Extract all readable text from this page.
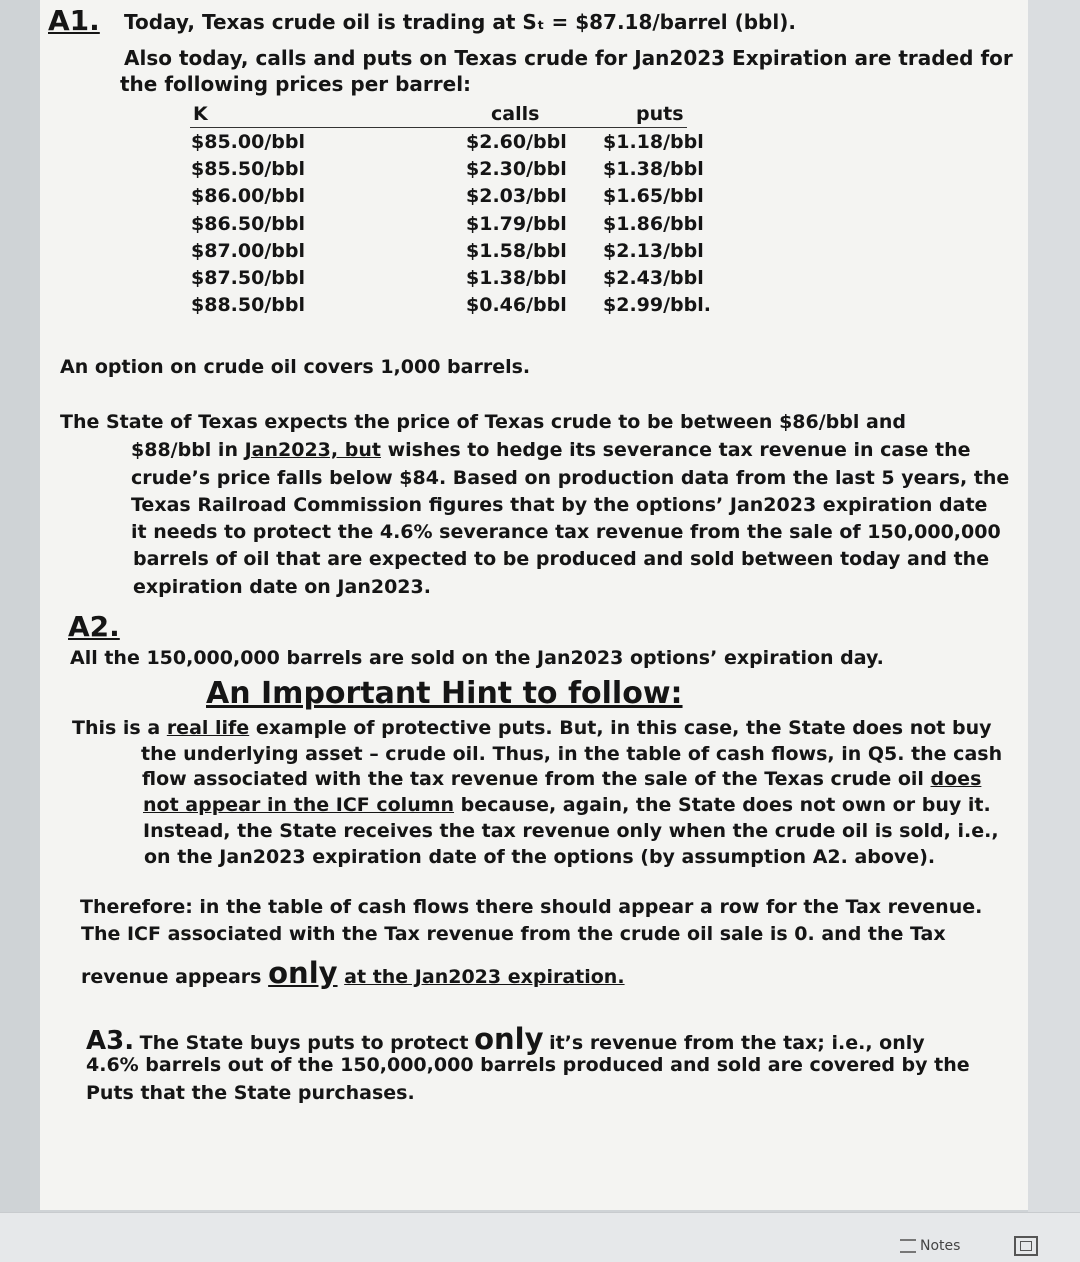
A1. Today, Texas crude oil is trading at Sₜ = $87.18/barrel (bbl).
Also today, calls and puts on Texas crude for Jan2023 Expiration are traded for
the following prices per barrel:
K	calls	puts
$85.00/bbl
$85.50/bbl
$86.00/bbl
$86.50/bbl
$87.00/bbl
$87.50/bbl
$88.50/bbl
$2.60/bbl
$2.30/bbl
$2.03/bbl
$1.79/bbl
$1.58/bbl
$1.38/bbl
$0.46/bbl
$1.18/bbl
$1.38/bbl
$1.65/bbl
$1.86/bbl
$2.13/bbl
$2.43/bbl
$2.99/bbl.
An option on crude oil covers 1,000 barrels.
The State of Texas expects the price of Texas crude to be between $86/bbl and
$88/bbl in Jan2023, but wishes to hedge its severance tax revenue in case the
crude’s price falls below $84. Based on production data from the last 5 years, the
Texas Railroad Commission figures that by the options’ Jan2023 expiration date
it needs to protect the 4.6% severance tax revenue from the sale of 150,000,000
barrels of oil that are expected to be produced and sold between today and the
expiration date on Jan2023.
A2.
All the 150,000,000 barrels are sold on the Jan2023 options’ expiration day.
An Important Hint to follow:
This is a real life example of protective puts. But, in this case, the State does not buy
the underlying asset – crude oil. Thus, in the table of cash flows, in Q5. the cash
flow associated with the tax revenue from the sale of the Texas crude oil does
not appear in the ICF column because, again, the State does not own or buy it.
Instead, the State receives the tax revenue only when the crude oil is sold, i.e.,
on the Jan2023 expiration date of the options (by assumption A2. above).
Therefore: in the table of cash flows there should appear a row for the Tax revenue.
The ICF associated with the Tax revenue from the crude oil sale is 0. and the Tax
revenue appears only at the Jan2023 expiration.
A3. The State buys puts to protect only it’s revenue from the tax; i.e., only
4.6% barrels out of the 150,000,000 barrels produced and sold are covered by the
Puts that the State purchases.
Notes
